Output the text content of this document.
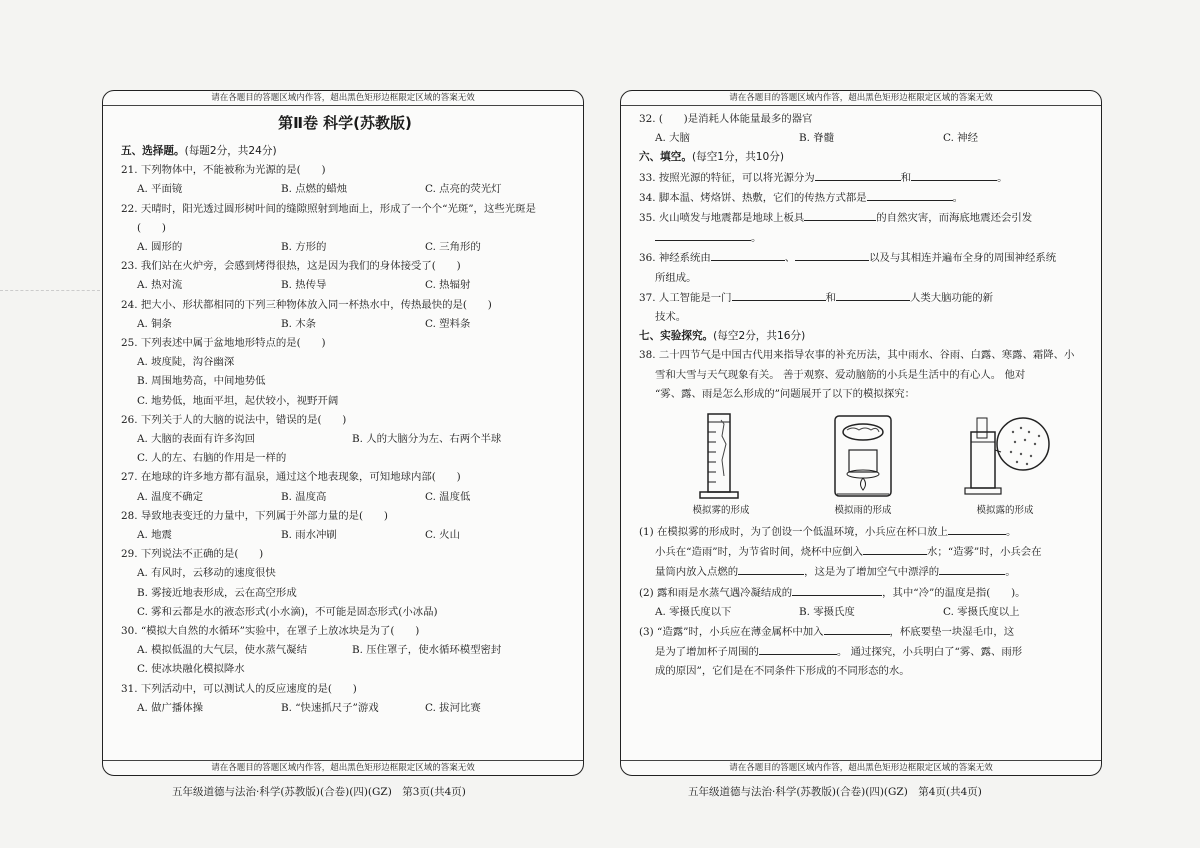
请在各题目的答题区域内作答，超出黑色矩形边框限定区域的答案无效
第Ⅱ卷 科学(苏教版)
五、选择题。(每题2分，共24分)
21. 下列物体中，不能被称为光源的是(　　)
A. 平面镜	B. 点燃的蜡烛	C. 点亮的荧光灯
22. 天晴时，阳光透过圆形树叶间的缝隙照射到地面上，形成了一个个“光斑”，这些光斑是
(　　)
A. 圆形的	B. 方形的	C. 三角形的
23. 我们站在火炉旁，会感到烤得很热，这是因为我们的身体接受了(　　)
A. 热对流	B. 热传导	C. 热辐射
24. 把大小、形状都相同的下列三种物体放入同一杯热水中，传热最快的是(　　)
A. 铜条	B. 木条	C. 塑料条
25. 下列表述中属于盆地地形特点的是(　　)
A. 坡度陡，沟谷幽深
B. 周围地势高，中间地势低
C. 地势低，地面平坦，起伏较小，视野开阔
26. 下列关于人的大脑的说法中，错误的是(　　)
A. 大脑的表面有许多沟回	B. 人的大脑分为左、右两个半球
C. 人的左、右脑的作用是一样的
27. 在地球的许多地方都有温泉，通过这个地表现象，可知地球内部(　　)
A. 温度不确定	B. 温度高	C. 温度低
28. 导致地表变迁的力量中，下列属于外部力量的是(　　)
A. 地震	B. 雨水冲刷	C. 火山
29. 下列说法不正确的是(　　)
A. 有风时，云移动的速度很快
B. 雾接近地表形成，云在高空形成
C. 雾和云都是水的液态形式(小水滴)，不可能是固态形式(小冰晶)
30. “模拟大自然的水循环”实验中，在罩子上放冰块是为了(　　)
A. 模拟低温的大气层，使水蒸气凝结	B. 压住罩子，使水循环模型密封
C. 使冰块融化模拟降水
31. 下列活动中，可以测试人的反应速度的是(　　)
A. 做广播体操	B. “快速抓尺子”游戏	C. 拔河比赛
请在各题目的答题区域内作答，超出黑色矩形边框限定区域的答案无效
请在各题目的答题区域内作答，超出黑色矩形边框限定区域的答案无效
32. (　　)是消耗人体能量最多的器官
A. 大脑	B. 脊髓	C. 神经
六、填空。(每空1分，共10分)
33. 按照光源的特征，可以将光源分为	和	。
34. 脚本温、烤烙饼、热敷，它们的传热方式都是	。
35. 火山喷发与地震都是地球上板具	的自然灾害，而海底地震还会引发
。
36. 神经系统由	、	以及与其相连并遍布全身的周围神经系统
所组成。
37. 人工智能是一门	和	人类大脑功能的新
技术。
七、实验探究。(每空2分，共16分)
38. 二十四节气是中国古代用来指导农事的补充历法，其中雨水、谷雨、白露、寒露、霜降、小
雪和大雪与天气现象有关。 善于观察、爱动脑筋的小兵是生活中的有心人。 他对
“雾、露、雨是怎么形成的”问题展开了以下的模拟探究：
模拟雾的形成	模拟雨的形成	模拟露的形成
(1) 在模拟雾的形成时，为了创设一个低温环境，小兵应在杯口放上	。
小兵在“造雨”时，为节省时间，烧杯中应倒入	水；“造雾”时，小兵会在
量筒内放入点燃的	，这是为了增加空气中漂浮的	。
(2) 露和雨是水蒸气遇冷凝结成的	，其中“冷”的温度是指(　　)。
A. 零摄氏度以下	B. 零摄氏度	C. 零摄氏度以上
(3) “造露”时，小兵应在薄金属杯中加入	，杯底要垫一块湿毛巾，这
是为了增加杯子周围的	。 通过探究，小兵明白了“雾、露、雨形
成的原因”，它们是在不同条件下形成的不同形态的水。
请在各题目的答题区域内作答，超出黑色矩形边框限定区域的答案无效
五年级道德与法治·科学(苏教版)(合卷)(四)(GZ)　第3页(共4页)	五年级道德与法治·科学(苏教版)(合卷)(四)(GZ)　第4页(共4页)
